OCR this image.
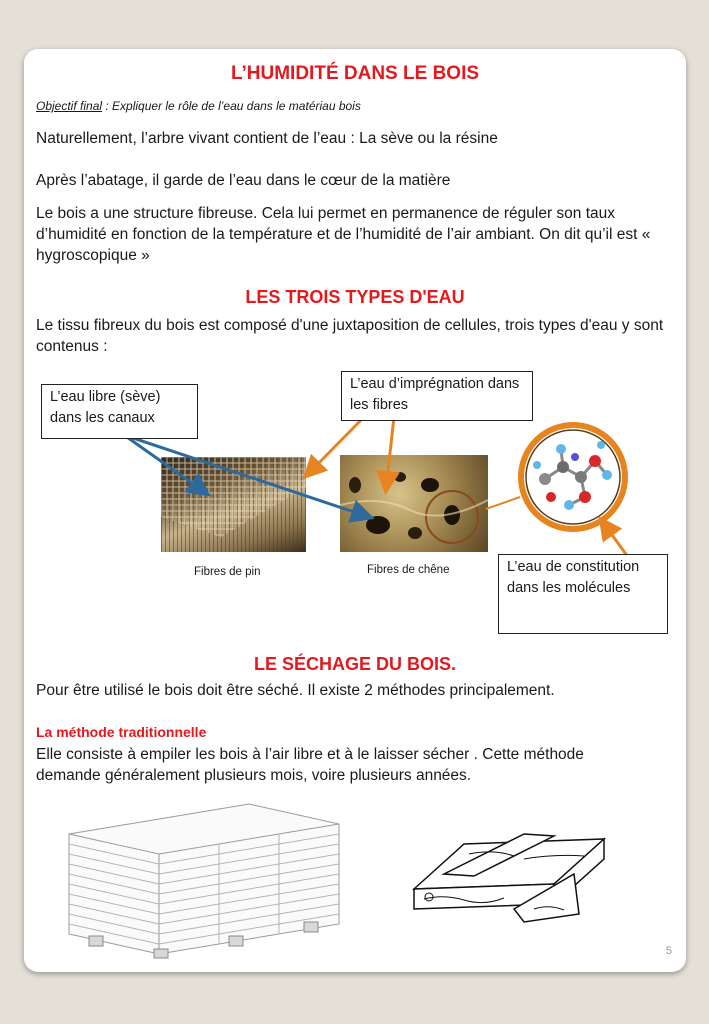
L’HUMIDITÉ DANS LE BOIS
Objectif final : Expliquer le rôle de l’eau dans le matériau bois
Naturellement, l’arbre vivant contient de l’eau : La sève ou la résine
Après l’abatage, il garde de l’eau dans le cœur de la matière
Le bois a une structure fibreuse. Cela lui permet en permanence de réguler son taux d’humidité en fonction de la température et de l’humidité de l’air ambiant. On dit qu’il est « hygroscopique »
LES TROIS TYPES D'EAU
Le tissu fibreux du bois est composé d'une juxtaposition de cellules, trois types d'eau y sont contenus :
L’eau libre (sève) dans les canaux
L’eau d’imprégnation dans les fibres
L’eau de constitution dans les molécules
Fibres de pin	Fibres de chêne
LE SÉCHAGE DU BOIS.
Pour être utilisé le bois doit être séché. Il existe 2 méthodes principalement.
La méthode traditionnelle
Elle consiste à empiler les bois à l’air libre et à le laisser sécher . Cette méthode demande généralement plusieurs mois, voire plusieurs années.
5
